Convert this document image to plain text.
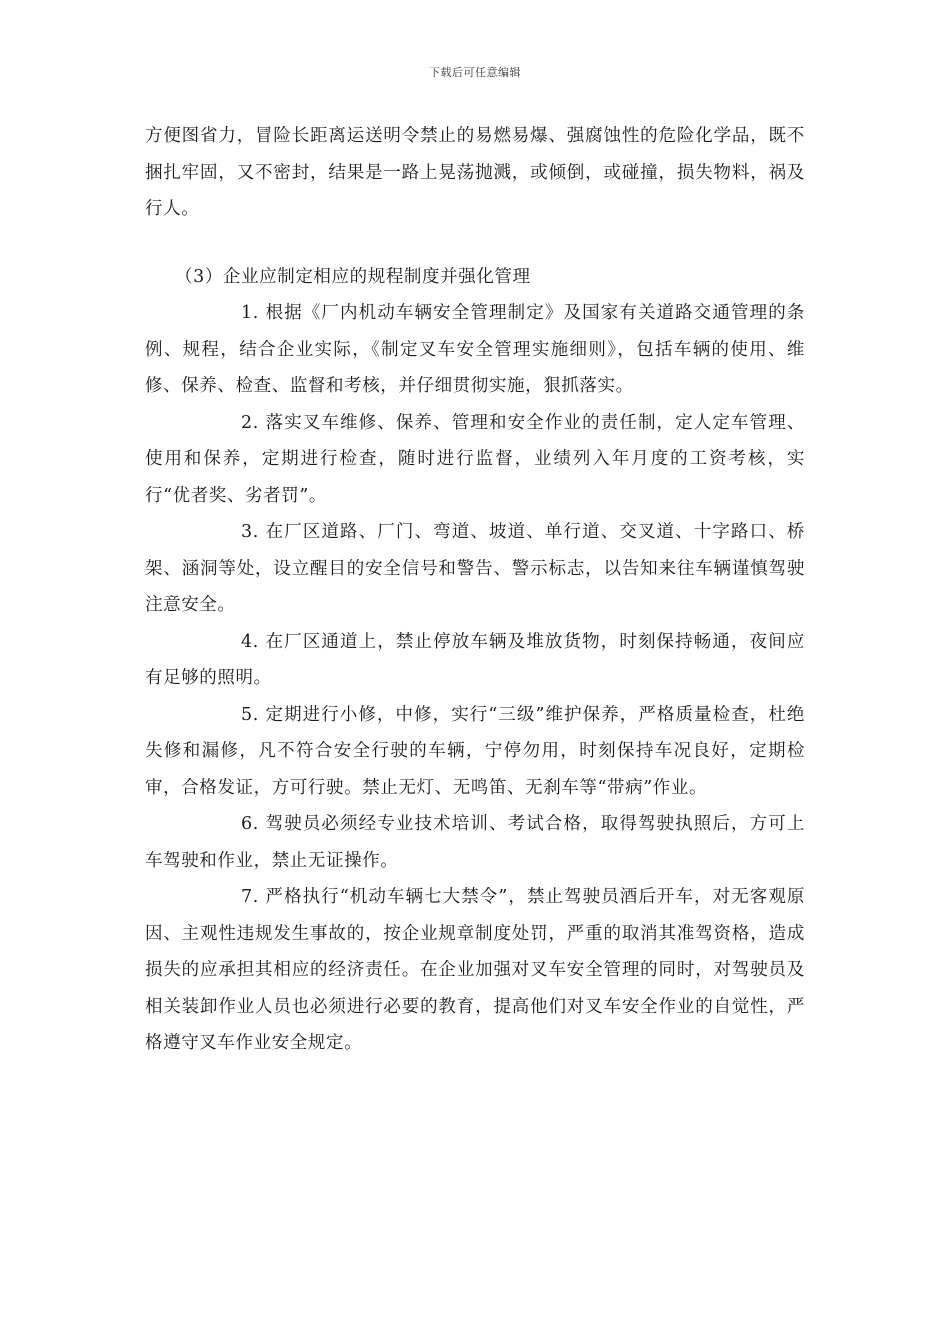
下载后可任意编辑

方便图省力，冒险长距离运送明令禁止的易燃易爆、强腐蚀性的危险化学品，既不捆扎牢固，又不密封，结果是一路上晃荡抛溅，或倾倒，或碰撞，损失物料，祸及行人。

（3）企业应制定相应的规程制度并强化管理

1. 根据《厂内机动车辆安全管理制定》及国家有关道路交通管理的条例、规程，结合企业实际，《制定叉车安全管理实施细则》，包括车辆的使用、维修、保养、检查、监督和考核，并仔细贯彻实施，狠抓落实。

2. 落实叉车维修、保养、管理和安全作业的责任制，定人定车管理、使用和保养，定期进行检查，随时进行监督，业绩列入年月度的工资考核，实行“优者奖、劣者罚”。

3. 在厂区道路、厂门、弯道、坡道、单行道、交叉道、十字路口、桥架、涵洞等处，设立醒目的安全信号和警告、警示标志，以告知来往车辆谨慎驾驶注意安全。

4. 在厂区通道上，禁止停放车辆及堆放货物，时刻保持畅通，夜间应有足够的照明。

5. 定期进行小修，中修，实行“三级”维护保养，严格质量检查，杜绝失修和漏修，凡不符合安全行驶的车辆，宁停勿用，时刻保持车况良好，定期检审，合格发证，方可行驶。禁止无灯、无鸣笛、无刹车等“带病”作业。

6. 驾驶员必须经专业技术培训、考试合格，取得驾驶执照后，方可上车驾驶和作业，禁止无证操作。

7. 严格执行“机动车辆七大禁令”，禁止驾驶员酒后开车，对无客观原因、主观性违规发生事故的，按企业规章制度处罚，严重的取消其准驾资格，造成损失的应承担其相应的经济责任。在企业加强对叉车安全管理的同时，对驾驶员及相关装卸作业人员也必须进行必要的教育，提高他们对叉车安全作业的自觉性，严格遵守叉车作业安全规定。
